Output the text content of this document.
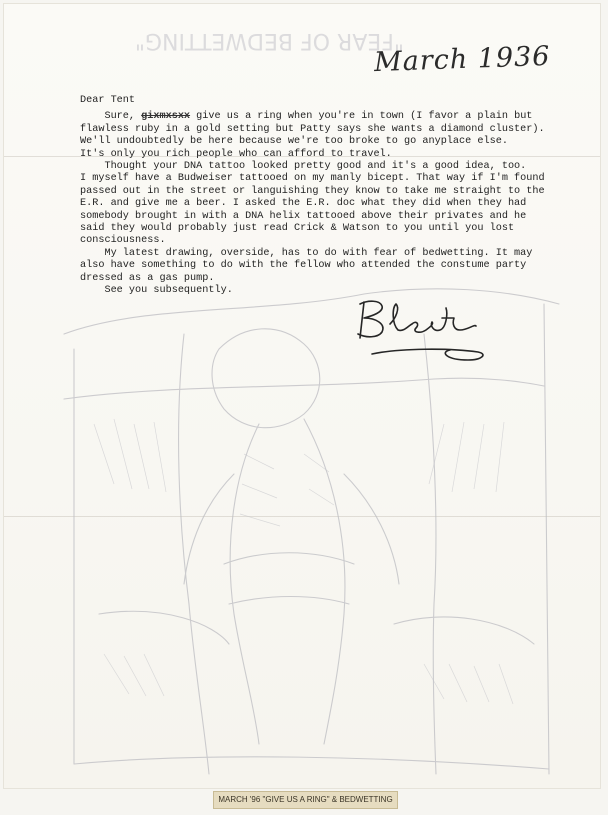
"FEAR OF BEDWETTING"
March 1936

Dear Tent

Sure, gixmxsxx give us a ring when you're in town (I favor a plain but

flawless ruby in a gold setting but Patty says she wants a diamond cluster).

We'll undoubtedly be here because we're too broke to go anyplace else.

It's only you rich people who can afford to travel.

Thought your DNA tattoo looked pretty good and it's a good idea, too.

I myself have a Budweiser tattooed on my manly bicept. That way if I'm found

passed out in the street or languishing they know to take me straight to the

E.R. and give me a beer. I asked the E.R. doc what they did when they had

somebody brought in with a DNA helix tattooed above their privates and he

said they would probably just read Crick & Watson to you until you lost

consciousness.

My latest drawing, overside, has to do with fear of bedwetting. It may

also have something to do with the fellow who attended the constume party

dressed as a gas pump.

See you subsequently.	Blester
MARCH '96 "GIVE US A RING" & BEDWETTING
